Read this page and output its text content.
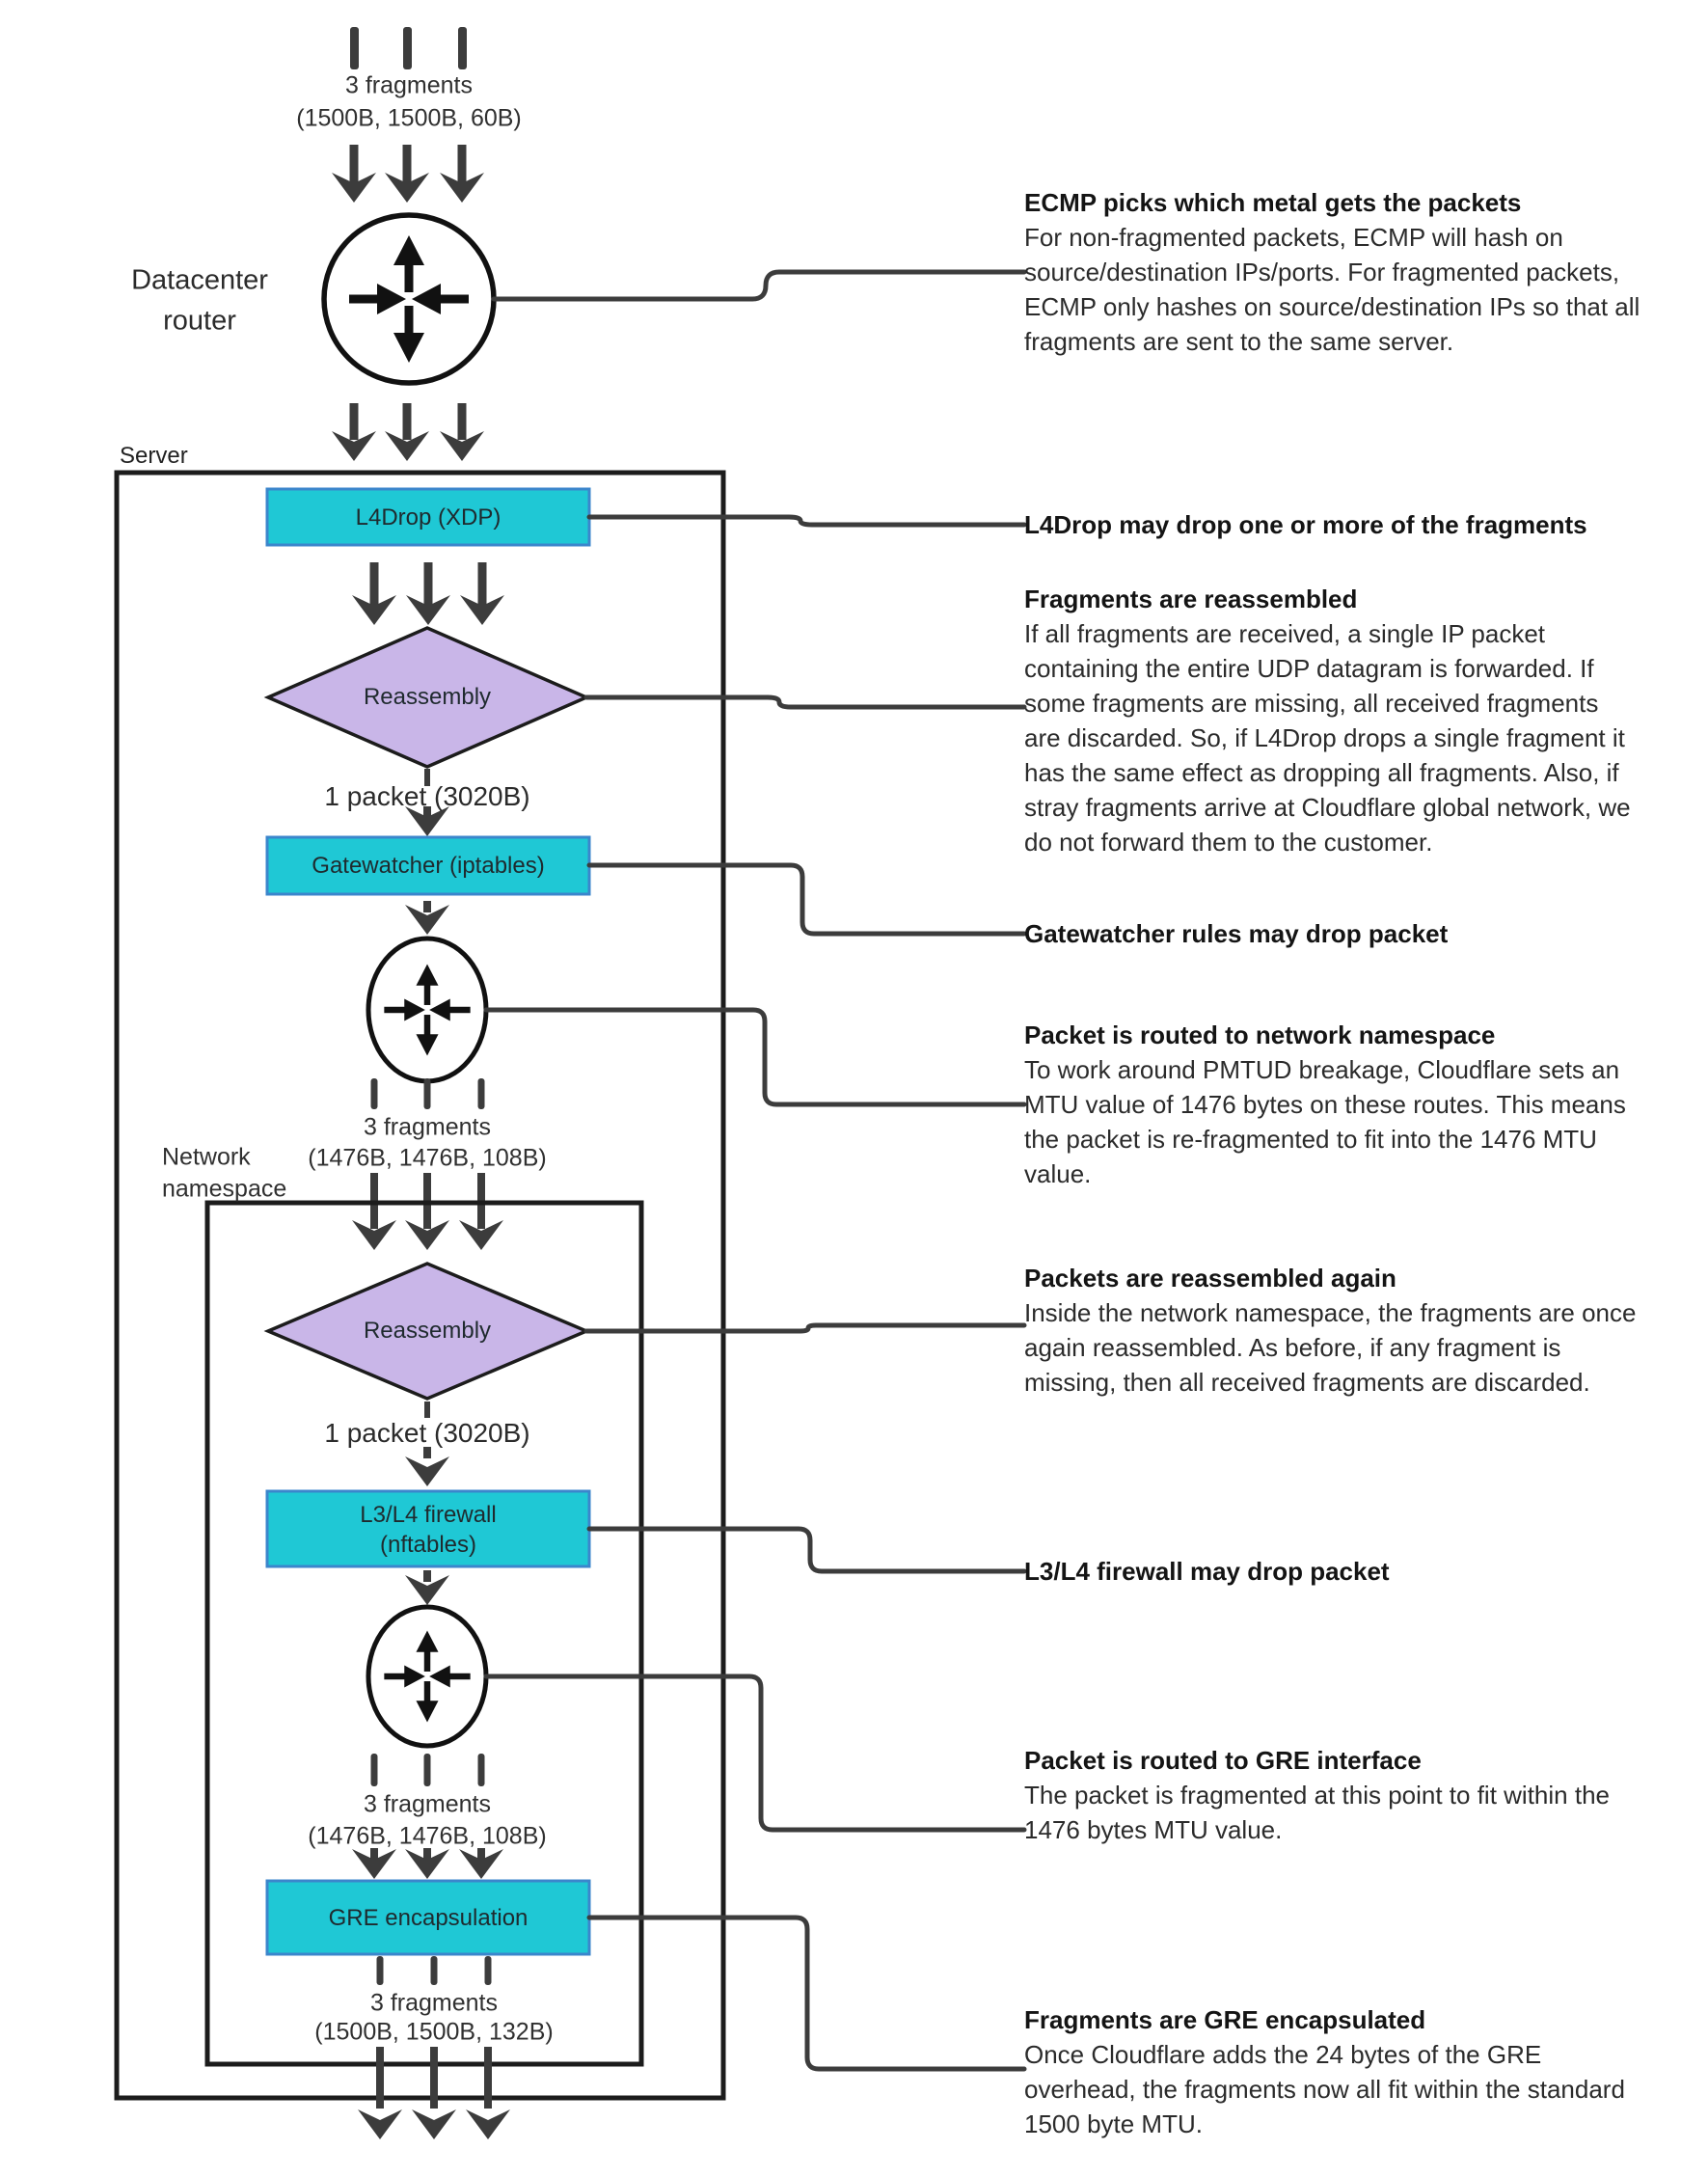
3 fragments
(1500B, 1500B, 60B)
Datacenter
router
Server
L4Drop (XDP)
Reassembly
1 packet (3020B)
Gatewatcher (iptables)
3 fragments
(1476B, 1476B, 108B)
Network
namespace
Reassembly
1 packet (3020B)
L3/L4 firewall
(nftables)
3 fragments
(1476B, 1476B, 108B)
GRE encapsulation
3 fragments
(1500B, 1500B, 132B)
ECMP picks which metal gets the packets
For non-fragmented packets, ECMP will hash on
source/destination IPs/ports. For fragmented packets,
ECMP only hashes on source/destination IPs so that all
fragments are sent to the same server.
L4Drop may drop one or more of the fragments
Fragments are reassembled
If all fragments are received, a single IP packet
containing the entire UDP datagram is forwarded. If
some fragments are missing, all received fragments
are discarded. So, if L4Drop drops a single fragment it
has the same effect as dropping all fragments. Also, if
stray fragments arrive at Cloudflare global network, we
do not forward them to the customer.
Gatewatcher rules may drop packet
Packet is routed to network namespace
To work around PMTUD breakage, Cloudflare sets an
MTU value of 1476 bytes on these routes. This means
the packet is re-fragmented to fit into the 1476 MTU
value.
Packets are reassembled again
Inside the network namespace, the fragments are once
again reassembled. As before, if any fragment is
missing, then all received fragments are discarded.
L3/L4 firewall may drop packet
Packet is routed to GRE interface
The packet is fragmented at this point to fit within the
1476 bytes MTU value.
Fragments are GRE encapsulated
Once Cloudflare adds the 24 bytes of the GRE
overhead, the fragments now all fit within the standard
1500 byte MTU.
